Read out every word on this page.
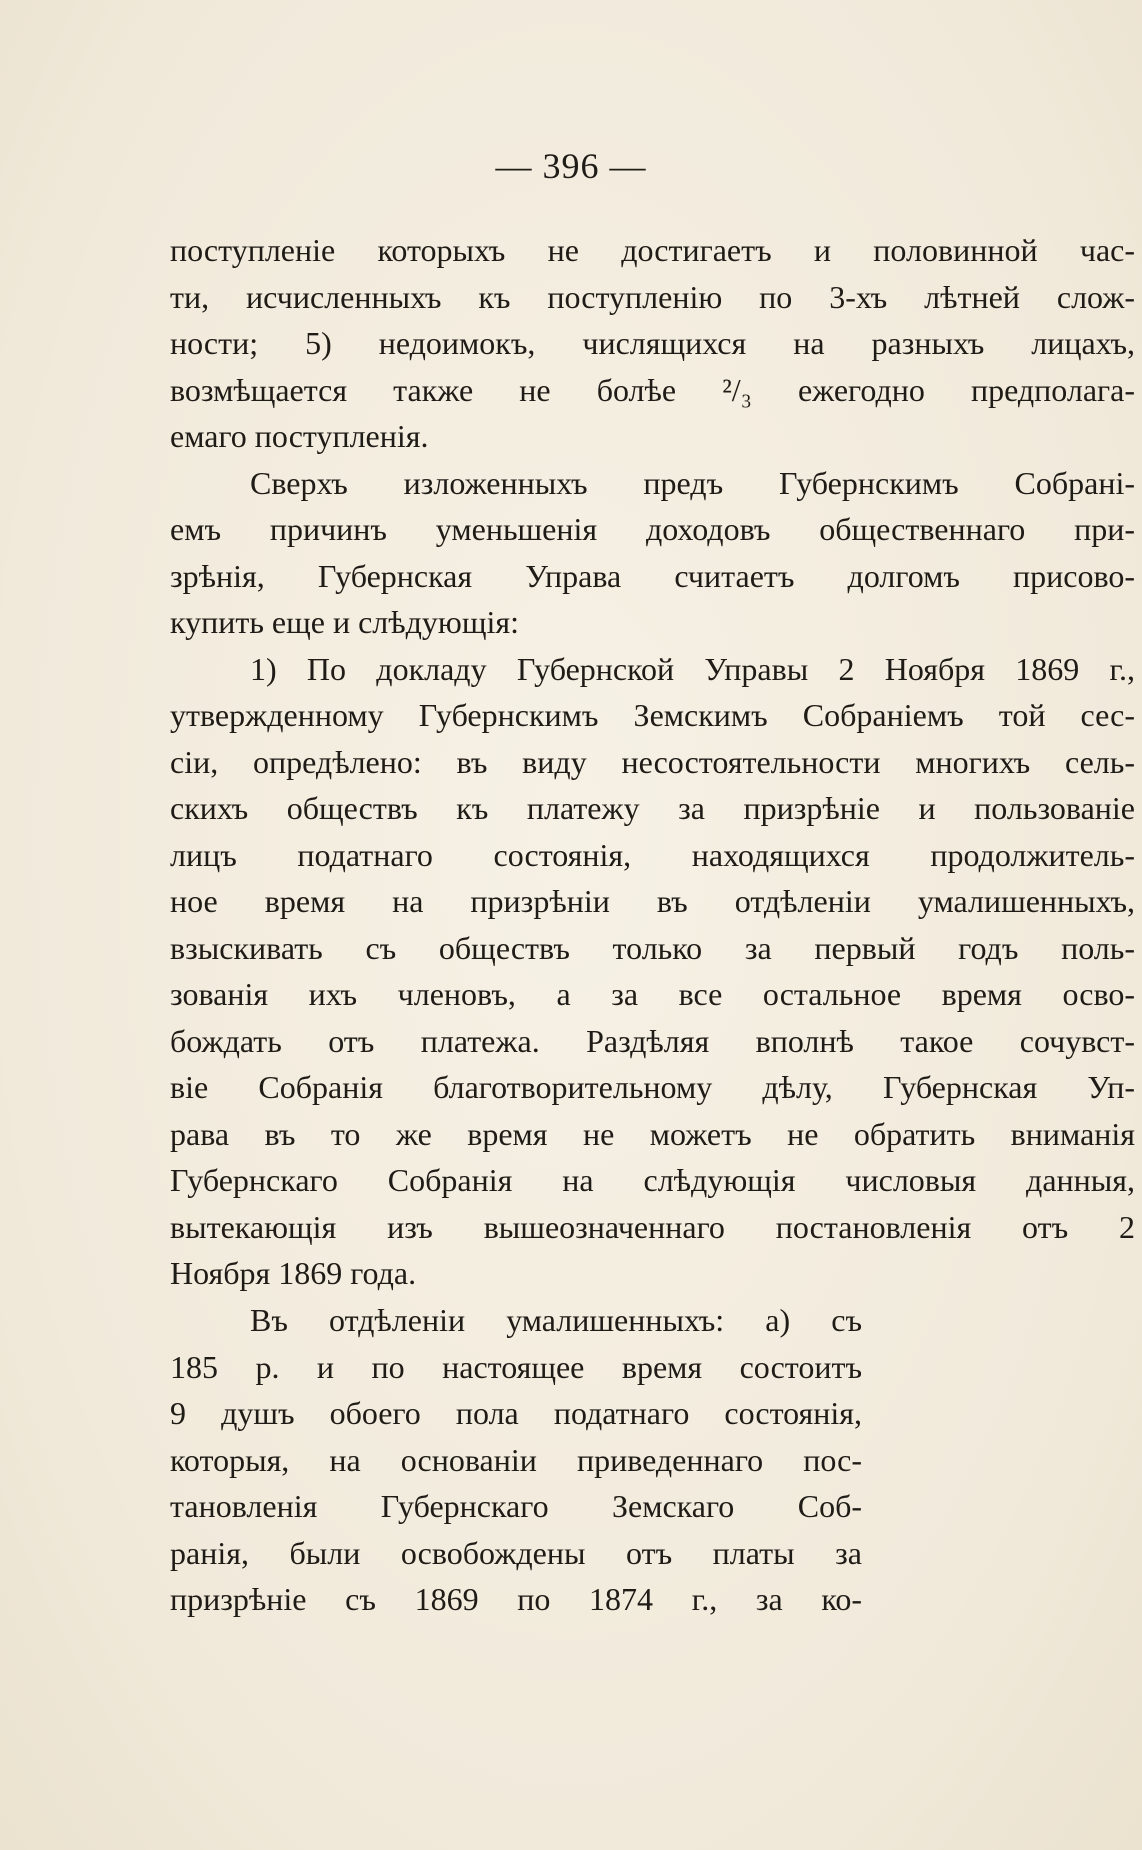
— 396 —
поступленіе которыхъ не достигаетъ и половинной час-
ти, исчисленныхъ къ поступленію по 3-хъ лѣтней слож-
ности; 5) недоимокъ, числящихся на разныхъ лицахъ,
возмѣщается также не болѣе ²/₃ ежегодно предполага-
емаго поступленія.
Сверхъ изложенныхъ предъ Губернскимъ Собрані-
емъ причинъ уменьшенія доходовъ общественнаго при-
зрѣнія, Губернская Управа считаетъ долгомъ присово-
купить еще и слѣдующія:
1) По докладу Губернской Управы 2 Ноября 1869 г.,
утвержденному Губернскимъ Земскимъ Собраніемъ той сес-
сіи, опредѣлено: въ виду несостоятельности многихъ сель-
скихъ обществъ къ платежу за призрѣніе и пользованіе
лицъ податнаго состоянія, находящихся продолжитель-
ное время на призрѣніи въ отдѣленіи умалишенныхъ,
взыскивать съ обществъ только за первый годъ поль-
зованія ихъ членовъ, а за все остальное время осво-
бождать отъ платежа. Раздѣляя вполнѣ такое сочувст-
віе Собранія благотворительному дѣлу, Губернская Уп-
рава въ то же время не можетъ не обратить вниманія
Губернскаго Собранія на слѣдующія числовыя данныя,
вытекающія изъ вышеозначеннаго постановленія отъ 2
Ноября 1869 года.
Въ отдѣленіи умалишенныхъ: а) съ
185 р. и по настоящее время состоитъ
9 душъ обоего пола податнаго состоянія,
которыя, на основаніи приведеннаго пос-
тановленія Губернскаго Земскаго Соб-
ранія, были освобождены отъ платы за
призрѣніе съ 1869 по 1874 г., за ко-
